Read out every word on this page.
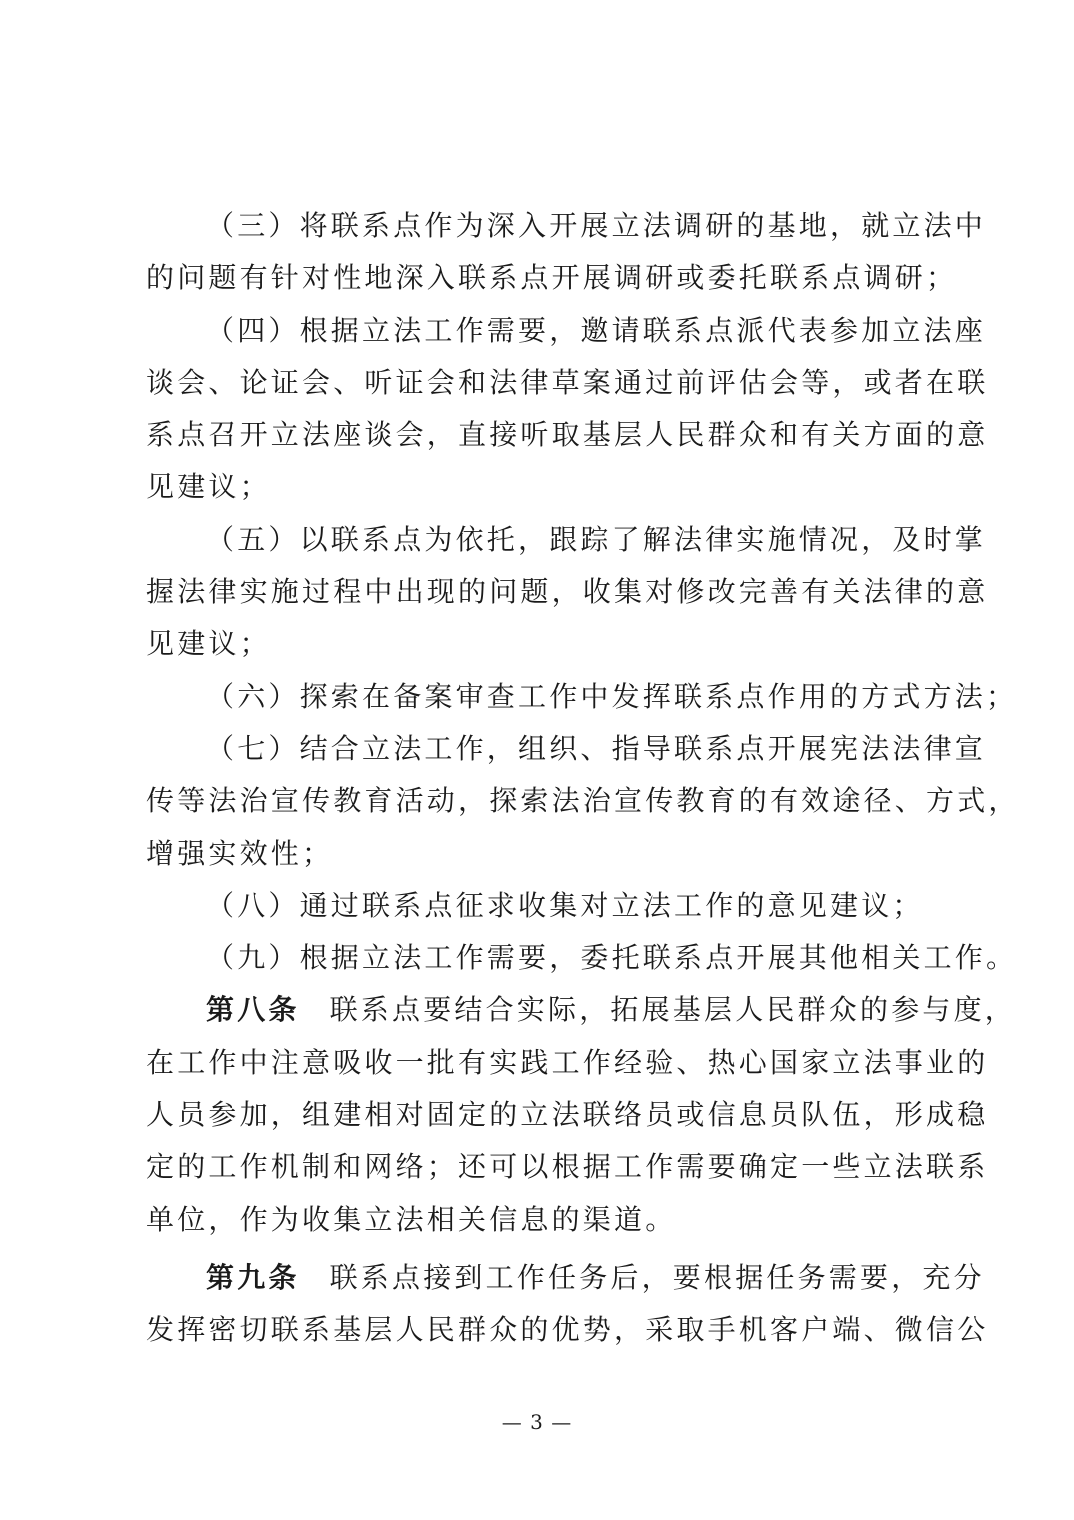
（三）将联系点作为深入开展立法调研的基地，就立法中
的问题有针对性地深入联系点开展调研或委托联系点调研；
（四）根据立法工作需要，邀请联系点派代表参加立法座
谈会、论证会、听证会和法律草案通过前评估会等，或者在联
系点召开立法座谈会，直接听取基层人民群众和有关方面的意
见建议；
（五）以联系点为依托，跟踪了解法律实施情况，及时掌
握法律实施过程中出现的问题，收集对修改完善有关法律的意
见建议；
（六）探索在备案审查工作中发挥联系点作用的方式方法；
（七）结合立法工作，组织、指导联系点开展宪法法律宣
传等法治宣传教育活动，探索法治宣传教育的有效途径、方式，
增强实效性；
（八）通过联系点征求收集对立法工作的意见建议；
（九）根据立法工作需要，委托联系点开展其他相关工作。
第八条 联系点要结合实际，拓展基层人民群众的参与度，
在工作中注意吸收一批有实践工作经验、热心国家立法事业的
人员参加，组建相对固定的立法联络员或信息员队伍，形成稳
定的工作机制和网络；还可以根据工作需要确定一些立法联系
单位，作为收集立法相关信息的渠道。
第九条 联系点接到工作任务后，要根据任务需要，充分
发挥密切联系基层人民群众的优势，采取手机客户端、微信公
— 3 —
